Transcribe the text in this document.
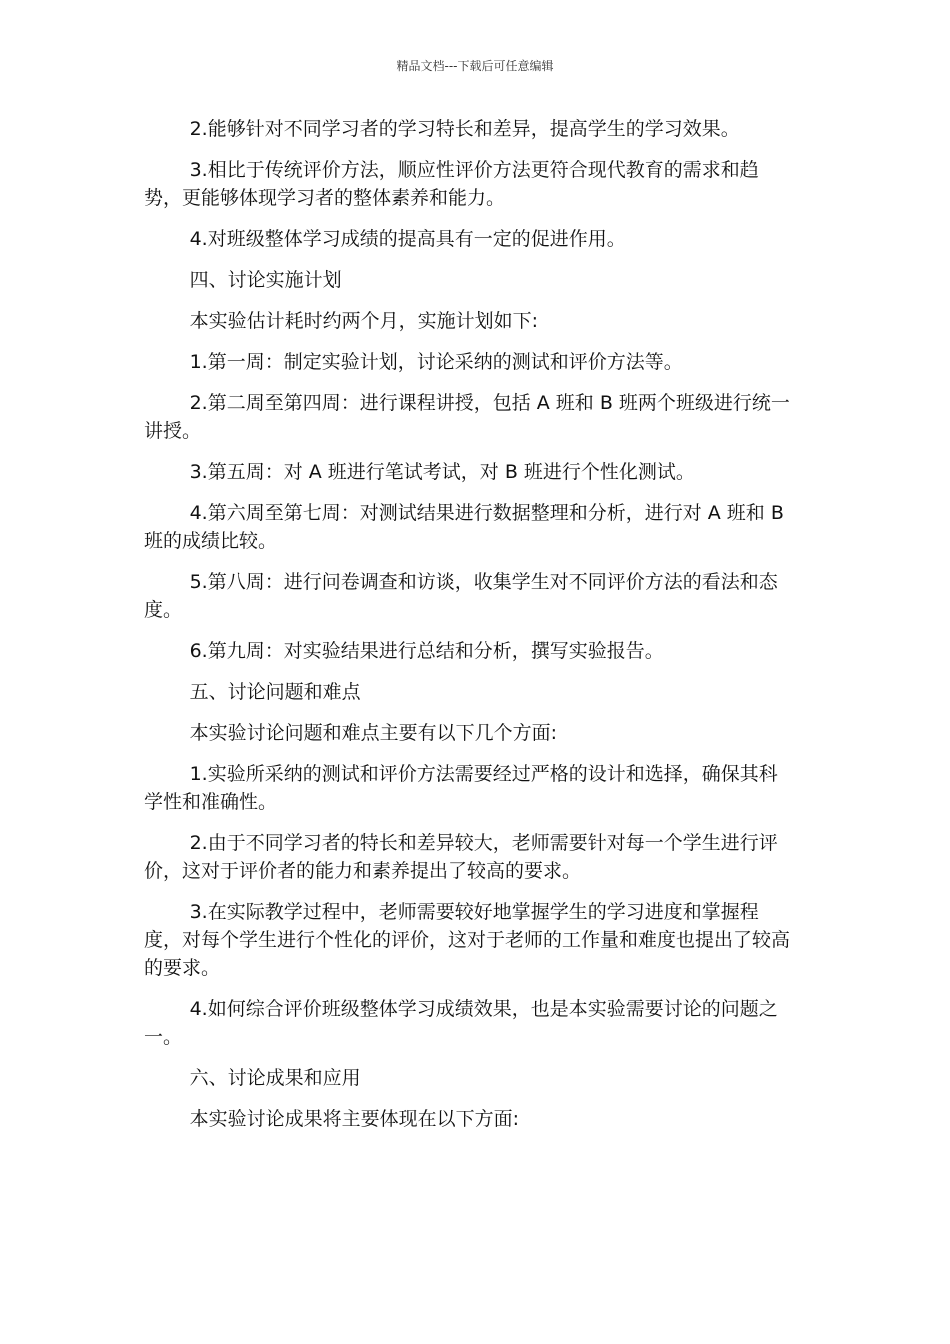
精品文档---下载后可任意编辑

2.能够针对不同学习者的学习特长和差异，提高学生的学习效果。

3.相比于传统评价方法，顺应性评价方法更符合现代教育的需求和趋势，更能够体现学习者的整体素养和能力。

4.对班级整体学习成绩的提高具有一定的促进作用。

四、讨论实施计划

本实验估计耗时约两个月，实施计划如下:

1.第一周：制定实验计划，讨论采纳的测试和评价方法等。

2.第二周至第四周：进行课程讲授，包括 A 班和 B 班两个班级进行统一讲授。

3.第五周：对 A 班进行笔试考试，对 B 班进行个性化测试。

4.第六周至第七周：对测试结果进行数据整理和分析，进行对 A 班和 B 班的成绩比较。

5.第八周：进行问卷调查和访谈，收集学生对不同评价方法的看法和态度。

6.第九周：对实验结果进行总结和分析，撰写实验报告。

五、讨论问题和难点

本实验讨论问题和难点主要有以下几个方面:

1.实验所采纳的测试和评价方法需要经过严格的设计和选择，确保其科学性和准确性。

2.由于不同学习者的特长和差异较大，老师需要针对每一个学生进行评价，这对于评价者的能力和素养提出了较高的要求。

3.在实际教学过程中，老师需要较好地掌握学生的学习进度和掌握程度，对每个学生进行个性化的评价，这对于老师的工作量和难度也提出了较高的要求。

4.如何综合评价班级整体学习成绩效果，也是本实验需要讨论的问题之一。

六、讨论成果和应用

本实验讨论成果将主要体现在以下方面:
